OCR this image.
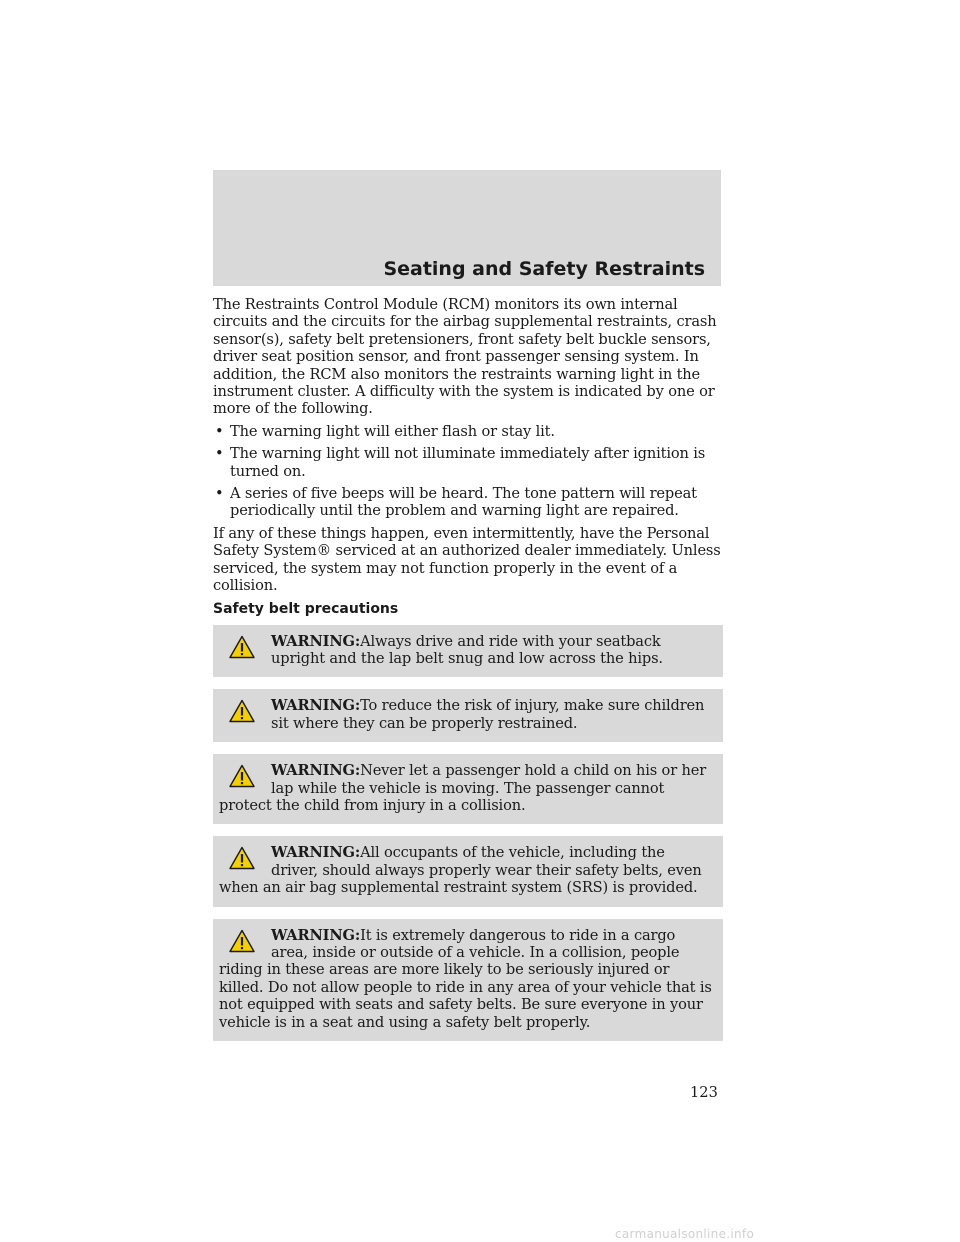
Seating and Safety Restraints

The Restraints Control Module (RCM) monitors its own internal circuits and the circuits for the airbag supplemental restraints, crash sensor(s), safety belt pretensioners, front safety belt buckle sensors, driver seat position sensor, and front passenger sensing system. In addition, the RCM also monitors the restraints warning light in the instrument cluster. A difficulty with the system is indicated by one or more of the following.

• The warning light will either flash or stay lit.
• The warning light will not illuminate immediately after ignition is turned on.
• A series of five beeps will be heard. The tone pattern will repeat periodically until the problem and warning light are repaired.

If any of these things happen, even intermittently, have the Personal Safety System® serviced at an authorized dealer immediately. Unless serviced, the system may not function properly in the event of a collision.

Safety belt precautions
WARNING:Always drive and ride with your seatback upright and the lap belt snug and low across the hips.
WARNING:To reduce the risk of injury, make sure children sit where they can be properly restrained.
WARNING:Never let a passenger hold a child on his or her lap while the vehicle is moving. The passenger cannot protect the child from injury in a collision.
WARNING:All occupants of the vehicle, including the driver, should always properly wear their safety belts, even when an air bag supplemental restraint system (SRS) is provided.
WARNING:It is extremely dangerous to ride in a cargo area, inside or outside of a vehicle. In a collision, people riding in these areas are more likely to be seriously injured or killed. Do not allow people to ride in any area of your vehicle that is not equipped with seats and safety belts. Be sure everyone in your vehicle is in a seat and using a safety belt properly.
123
carmanualsonline.info
